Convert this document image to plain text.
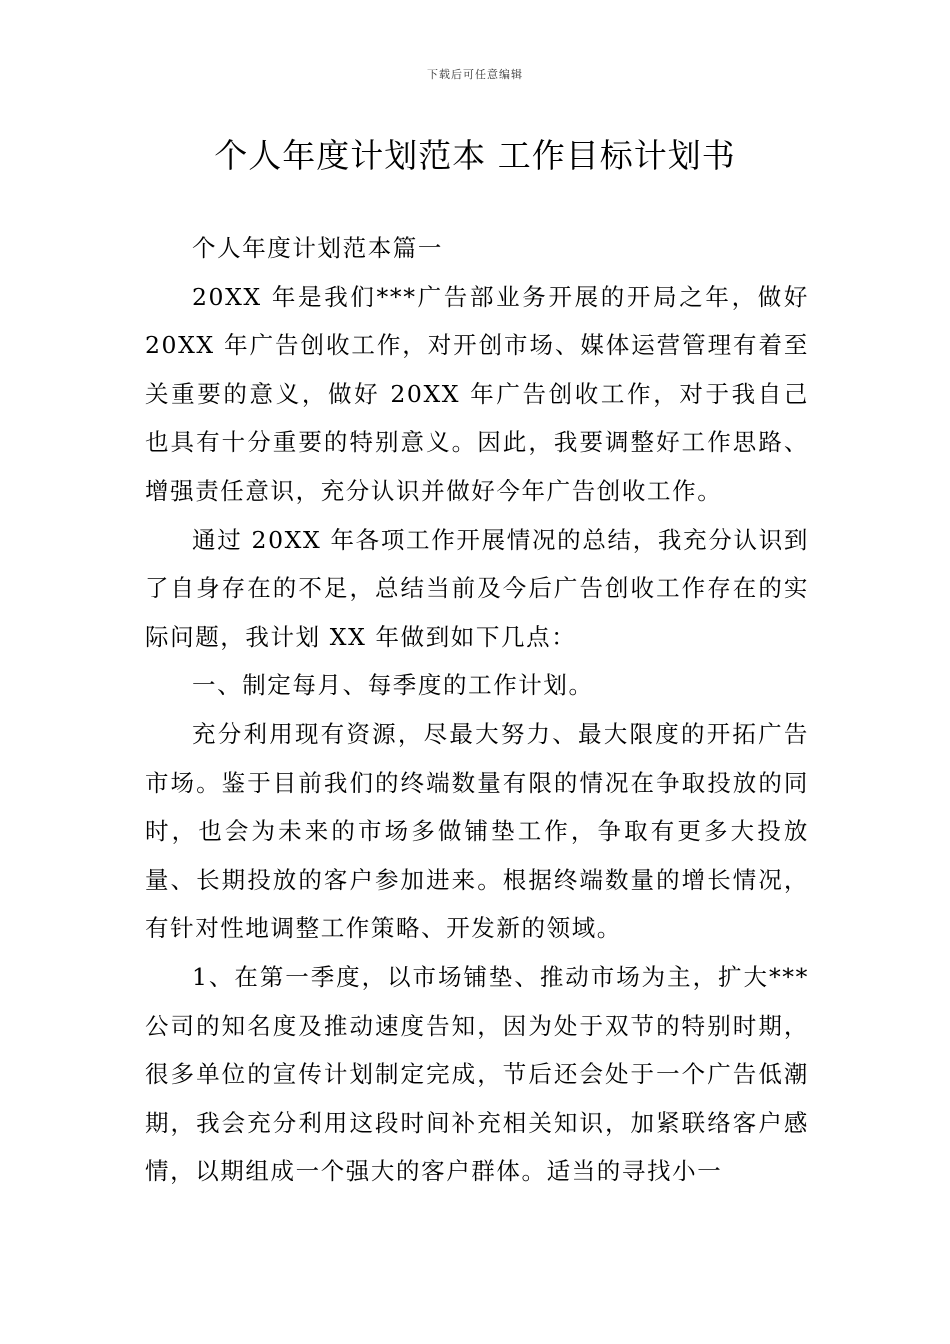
下载后可任意编辑
个人年度计划范本 工作目标计划书

个人年度计划范本篇一

20XX 年是我们***广告部业务开展的开局之年，做好 20XX 年广告创收工作，对开创市场、媒体运营管理有着至关重要的意义，做好 20XX 年广告创收工作，对于我自己也具有十分重要的特别意义。因此，我要调整好工作思路、增强责任意识，充分认识并做好今年广告创收工作。

通过 20XX 年各项工作开展情况的总结，我充分认识到了自身存在的不足，总结当前及今后广告创收工作存在的实际问题，我计划 XX 年做到如下几点：

一、制定每月、每季度的工作计划。

充分利用现有资源，尽最大努力、最大限度的开拓广告市场。鉴于目前我们的终端数量有限的情况在争取投放的同时，也会为未来的市场多做铺垫工作，争取有更多大投放量、长期投放的客户参加进来。根据终端数量的增长情况，有针对性地调整工作策略、开发新的领域。

1、在第一季度，以市场铺垫、推动市场为主，扩大***公司的知名度及推动速度告知，因为处于双节的特别时期，很多单位的宣传计划制定完成，节后还会处于一个广告低潮期，我会充分利用这段时间补充相关知识，加紧联络客户感情，以期组成一个强大的客户群体。适当的寻找小一
